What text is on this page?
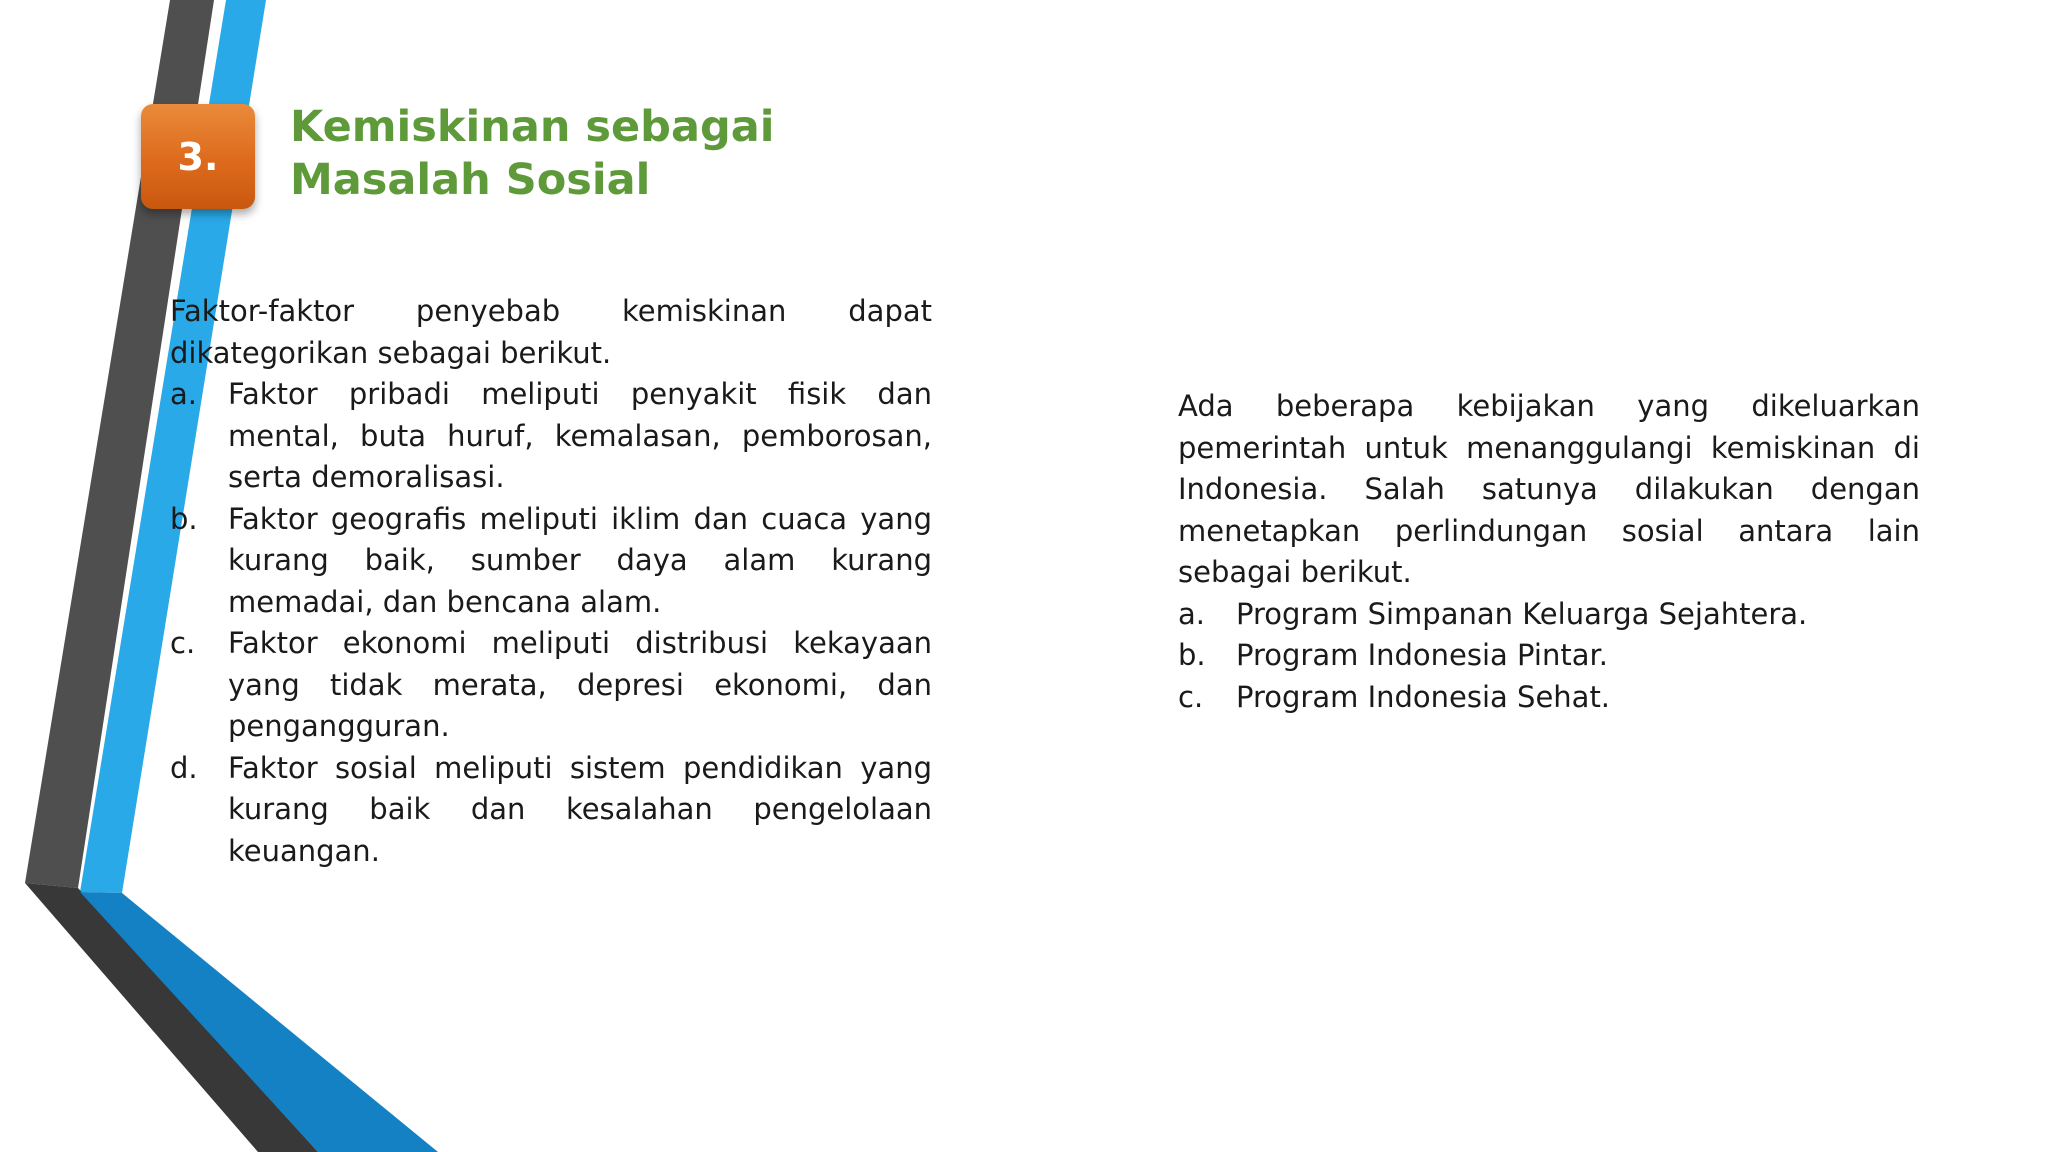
3.
Kemiskinan sebagai
Masalah Sosial

Faktor-faktor penyebab kemiskinan dapat dikategorikan sebagai berikut.

a. Faktor pribadi meliputi penyakit fisik dan mental, buta huruf, kemalasan, pemborosan, serta demoralisasi.
b. Faktor geografis meliputi iklim dan cuaca yang kurang baik, sumber daya alam kurang memadai, dan bencana alam.
c. Faktor ekonomi meliputi distribusi kekayaan yang tidak merata, depresi ekonomi, dan pengangguran.
d. Faktor sosial meliputi sistem pendidikan yang kurang baik dan kesalahan pengelolaan keuangan.

Ada beberapa kebijakan yang dikeluarkan pemerintah untuk menanggulangi kemiskinan di Indonesia. Salah satunya dilakukan dengan menetapkan perlindungan sosial antara lain sebagai berikut.

a. Program Simpanan Keluarga Sejahtera.
b. Program Indonesia Pintar.
c. Program Indonesia Sehat.
